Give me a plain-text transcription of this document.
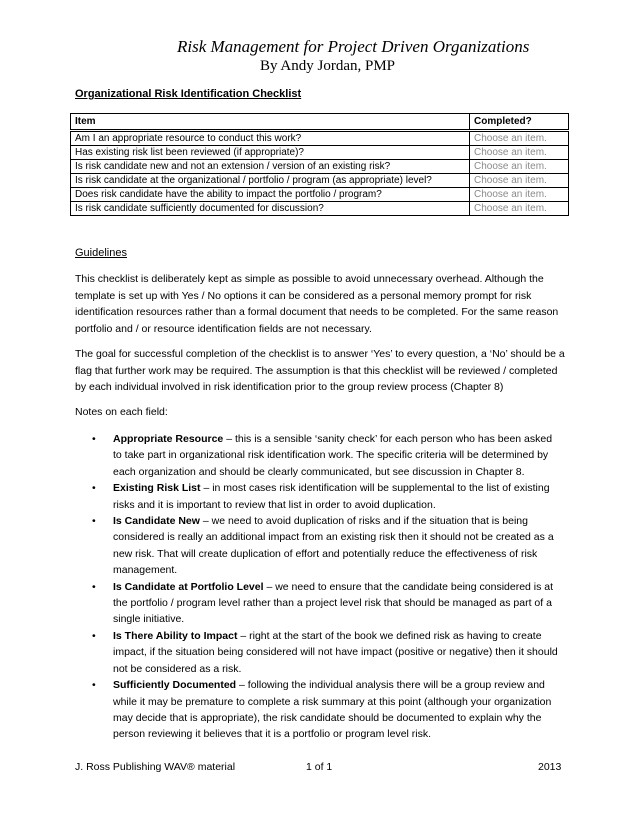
Risk Management for Project Driven Organizations
By Andy Jordan, PMP
Organizational Risk Identification Checklist
Item	Completed?
Am I an appropriate resource to conduct this work?	Choose an item.
Has existing risk list been reviewed (if appropriate)?	Choose an item.
Is risk candidate new and not an extension / version of an existing risk?	Choose an item.
Is risk candidate at the organizational / portfolio / program (as appropriate) level?	Choose an item.
Does risk candidate have the ability to impact the portfolio / program?	Choose an item.
Is risk candidate sufficiently documented for discussion?	Choose an item.
Guidelines
This checklist is deliberately kept as simple as possible to avoid unnecessary overhead. Although the template is set up with Yes / No options it can be considered as a personal memory prompt for risk identification resources rather than a formal document that needs to be completed. For the same reason portfolio and / or resource identification fields are not necessary.
The goal for successful completion of the checklist is to answer ‘Yes’ to every question, a ‘No’ should be a flag that further work may be required. The assumption is that this checklist will be reviewed / completed by each individual involved in risk identification prior to the group review process (Chapter 8)
Notes on each field:
• Appropriate Resource – this is a sensible ‘sanity check’ for each person who has been asked to take part in organizational risk identification work. The specific criteria will be determined by each organization and should be clearly communicated, but see discussion in Chapter 8.
• Existing Risk List – in most cases risk identification will be supplemental to the list of existing risks and it is important to review that list in order to avoid duplication.
• Is Candidate New – we need to avoid duplication of risks and if the situation that is being considered is really an additional impact from an existing risk then it should not be created as a new risk. That will create duplication of effort and potentially reduce the effectiveness of risk management.
• Is Candidate at Portfolio Level – we need to ensure that the candidate being considered is at the portfolio / program level rather than a project level risk that should be managed as part of a single initiative.
• Is There Ability to Impact – right at the start of the book we defined risk as having to create impact, if the situation being considered will not have impact (positive or negative) then it should not be considered as a risk.
• Sufficiently Documented – following the individual analysis there will be a group review and while it may be premature to complete a risk summary at this point (although your organization may decide that is appropriate), the risk candidate should be documented to explain why the person reviewing it believes that it is a portfolio or program level risk.
J. Ross Publishing WAV® material	1 of 1	2013
